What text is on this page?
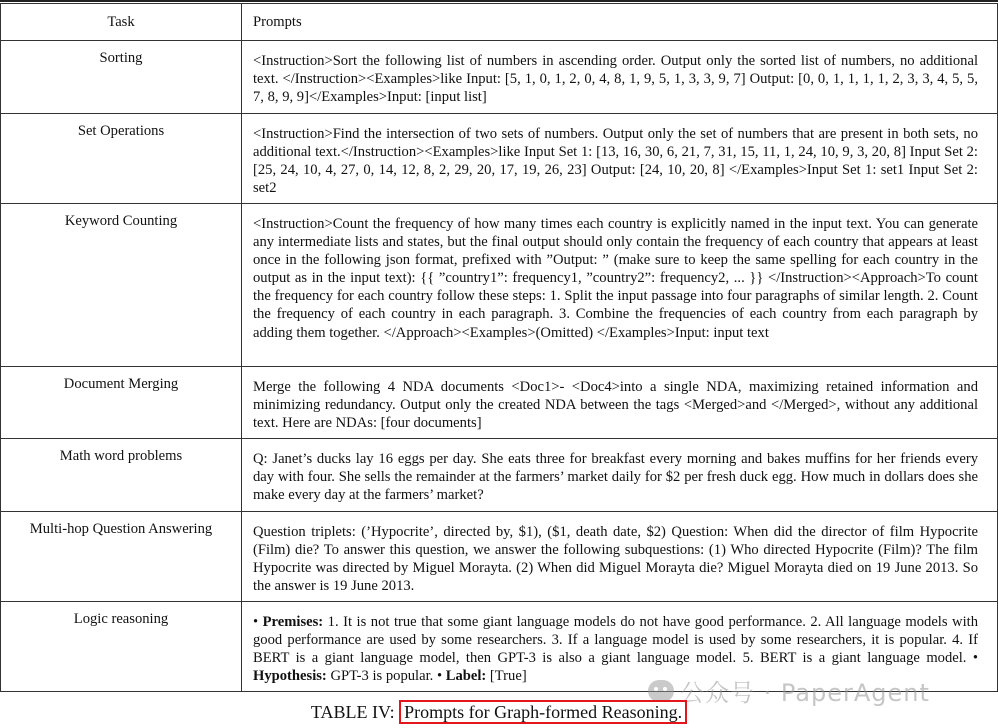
Task	Prompts
Sorting	<Instruction>Sort the following list of numbers in ascending order. Output only the sorted list of numbers, no additional text. </Instruction><Examples>like Input: [5, 1, 0, 1, 2, 0, 4, 8, 1, 9, 5, 1, 3, 3, 9, 7] Output: [0, 0, 1, 1, 1, 1, 2, 3, 3, 4, 5, 5, 7, 8, 9, 9]</Examples>Input: [input list]
Set Operations	<Instruction>Find the intersection of two sets of numbers. Output only the set of numbers that are present in both sets, no additional text.</Instruction><Examples>like Input Set 1: [13, 16, 30, 6, 21, 7, 31, 15, 11, 1, 24, 10, 9, 3, 20, 8] Input Set 2: [25, 24, 10, 4, 27, 0, 14, 12, 8, 2, 29, 20, 17, 19, 26, 23] Output: [24, 10, 20, 8] </Examples>Input Set 1: set1 Input Set 2: set2
Keyword Counting	<Instruction>Count the frequency of how many times each country is explicitly named in the input text. You can generate any intermediate lists and states, but the final output should only contain the frequency of each country that appears at least once in the following json format, prefixed with ”Output: ” (make sure to keep the same spelling for each country in the output as in the input text): {{ ”country1”: frequency1, ”country2”: frequency2, ... }} </Instruction><Approach>To count the frequency for each country follow these steps: 1. Split the input passage into four paragraphs of similar length. 2. Count the frequency of each country in each paragraph. 3. Combine the frequencies of each country from each paragraph by adding them together. </Approach><Examples>(Omitted) </Examples>Input: input text
Document Merging	Merge the following 4 NDA documents <Doc1>- <Doc4>into a single NDA, maximizing retained information and minimizing redundancy. Output only the created NDA between the tags <Merged>and </Merged>, without any additional text. Here are NDAs: [four documents]
Math word problems	Q: Janet’s ducks lay 16 eggs per day. She eats three for breakfast every morning and bakes muffins for her friends every day with four. She sells the remainder at the farmers’ market daily for $2 per fresh duck egg. How much in dollars does she make every day at the farmers’ market?
Multi-hop Question Answering	Question triplets: (’Hypocrite’, directed by, $1), ($1, death date, $2) Question: When did the director of film Hypocrite (Film) die? To answer this question, we answer the following subquestions: (1) Who directed Hypocrite (Film)? The film Hypocrite was directed by Miguel Morayta. (2) When did Miguel Morayta die? Miguel Morayta died on 19 June 2013. So the answer is 19 June 2013.
Logic reasoning	• Premises: 1. It is not true that some giant language models do not have good performance. 2. All language models with good performance are used by some researchers. 3. If a language model is used by some researchers, it is popular. 4. If BERT is a giant language model, then GPT-3 is also a giant language model. 5. BERT is a giant language model. • Hypothesis: GPT-3 is popular. • Label: [True]
公众号 · PaperAgent
TABLE IV: Prompts for Graph-formed Reasoning.
